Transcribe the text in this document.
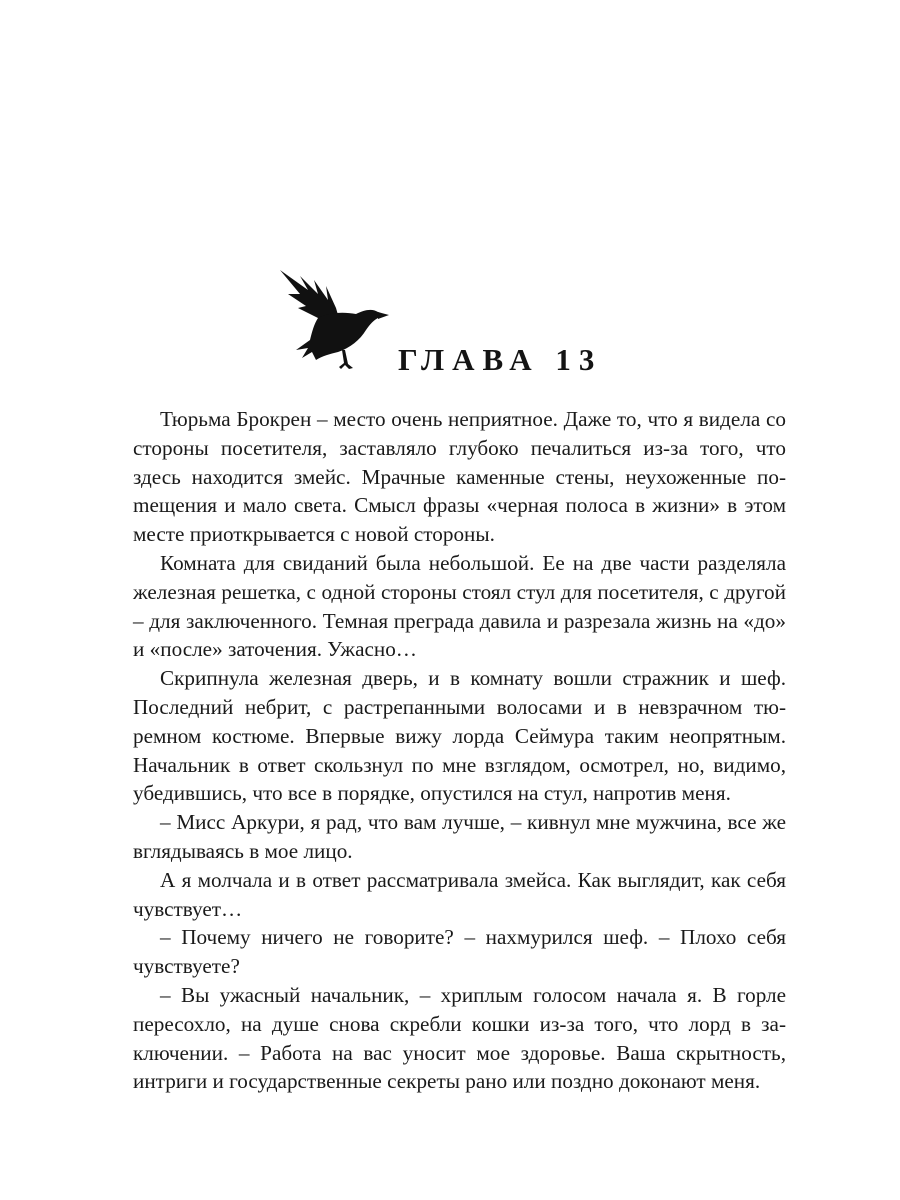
ГЛАВА 13

Тюрьма Брокрен – место очень неприятное. Даже то, что я видела со стороны посетителя, заставляло глубоко печалиться из-за того, что здесь находится змейс. Мрачные каменные стены, неухоженные поmещения и мало света. Смысл фразы «черная полоса в жизни» в этом месте приоткрывается с новой стороны.

Комната для свиданий была небольшой. Ее на две части разделяла железная решетка, с одной стороны стоял стул для посетителя, с другой – для заключенного. Темная преграда давила и разрезала жизнь на «до» и «после» заточения. Ужасно…

Скрипнула железная дверь, и в комнату вошли стражник и шеф. Последний небрит, с растрепанными волосами и в невзрачном тюремном костюме. Впервые вижу лорда Сеймура таким неопрятным. Начальник в ответ скользнул по мне взглядом, осмотрел, но, видимо, убедившись, что все в порядке, опустился на стул, напротив меня.

– Мисс Аркури, я рад, что вам лучше, – кивнул мне мужчина, все же вглядываясь в мое лицо.

А я молчала и в ответ рассматривала змейса. Как выглядит, как себя чувствует…

– Почему ничего не говорите? – нахмурился шеф. – Плохо себя чувствуете?

– Вы ужасный начальник, – хриплым голосом начала я. В горле пересохло, на душе снова скребли кошки из-за того, что лорд в заключении. – Работа на вас уносит мое здоровье. Ваша скрытность, интриги и государственные секреты рано или поздно доконают меня.
